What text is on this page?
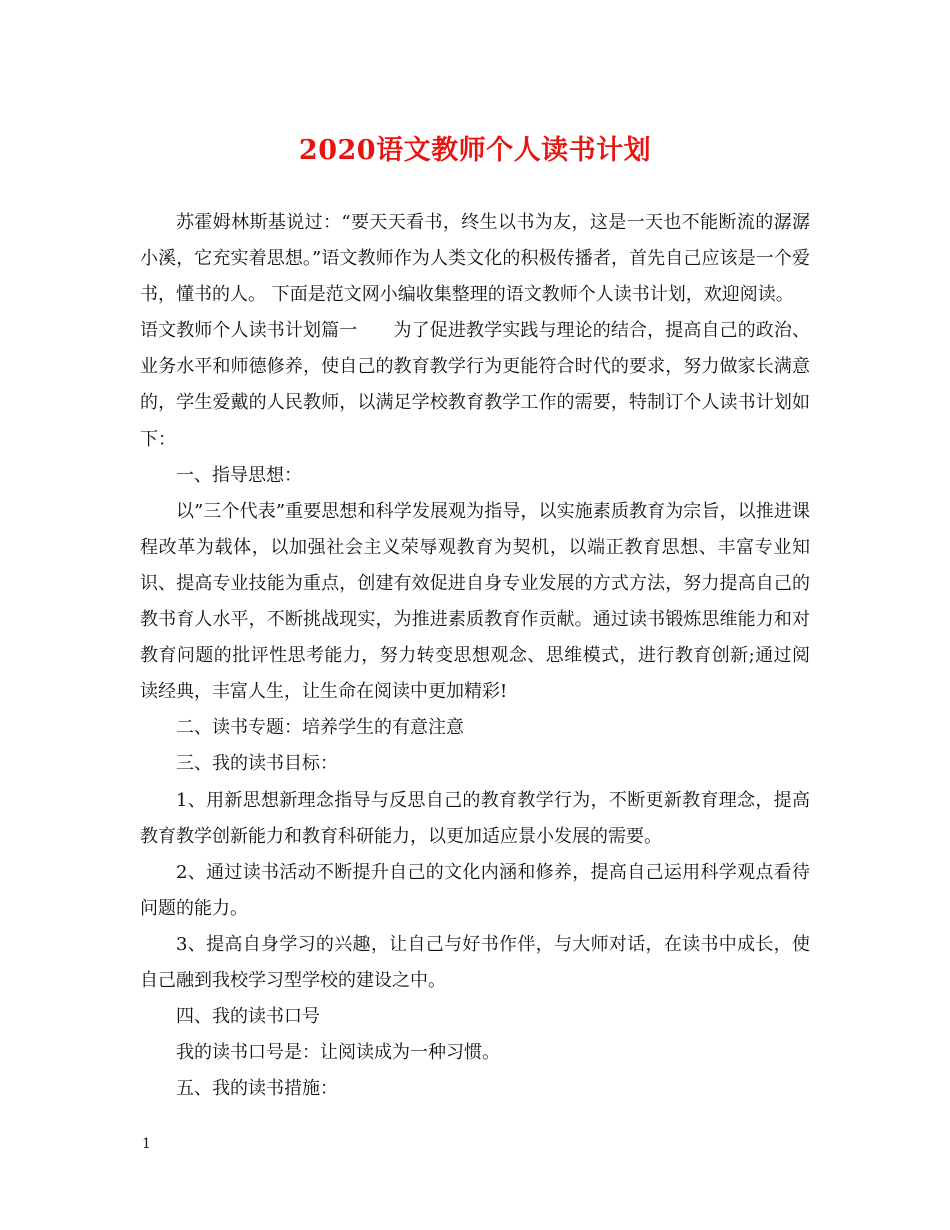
2020语文教师个人读书计划

苏霍姆林斯基说过：“要天天看书，终生以书为友，这是一天也不能断流的潺潺小溪，它充实着思想。”语文教师作为人类文化的积极传播者，首先自己应该是一个爱书，懂书的人。 下面是范文网小编收集整理的语文教师个人读书计划，欢迎阅读。

语文教师个人读书计划篇一　　为了促进教学实践与理论的结合，提高自己的政治、业务水平和师德修养，使自己的教育教学行为更能符合时代的要求，努力做家长满意的，学生爱戴的人民教师，以满足学校教育教学工作的需要，特制订个人读书计划如下：

一、指导思想：

以”三个代表”重要思想和科学发展观为指导，以实施素质教育为宗旨，以推进课程改革为载体，以加强社会主义荣辱观教育为契机，以端正教育思想、丰富专业知识、提高专业技能为重点，创建有效促进自身专业发展的方式方法，努力提高自己的教书育人水平，不断挑战现实，为推进素质教育作贡献。通过读书锻炼思维能力和对教育问题的批评性思考能力，努力转变思想观念、思维模式，进行教育创新;通过阅读经典，丰富人生，让生命在阅读中更加精彩!

二、读书专题：培养学生的有意注意

三、我的读书目标：

1、用新思想新理念指导与反思自己的教育教学行为，不断更新教育理念，提高教育教学创新能力和教育科研能力，以更加适应景小发展的需要。

2、通过读书活动不断提升自己的文化内涵和修养，提高自己运用科学观点看待问题的能力。

3、提高自身学习的兴趣，让自己与好书作伴，与大师对话，在读书中成长，使自己融到我校学习型学校的建设之中。

四、我的读书口号

我的读书口号是：让阅读成为一种习惯。

五、我的读书措施：

1
